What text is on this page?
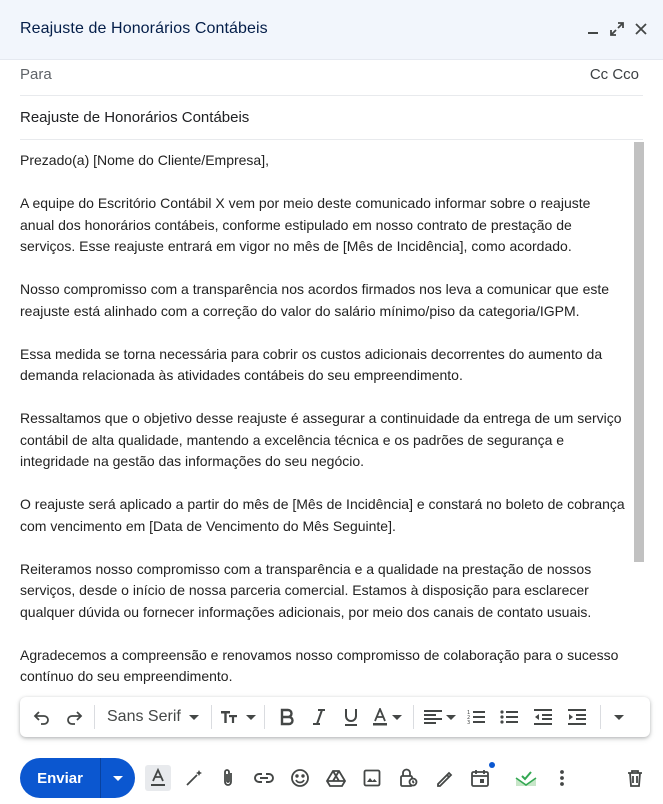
Reajuste de Honorários Contábeis
Para	Cc Cco
Reajuste de Honorários Contábeis

Prezado(a) [Nome do Cliente/Empresa],

A equipe do Escritório Contábil X vem por meio deste comunicado informar sobre o reajuste anual dos honorários contábeis, conforme estipulado em nosso contrato de prestação de serviços. Esse reajuste entrará em vigor no mês de [Mês de Incidência], como acordado.

Nosso compromisso com a transparência nos acordos firmados nos leva a comunicar que este reajuste está alinhado com a correção do valor do salário mínimo/piso da categoria/IGPM.

Essa medida se torna necessária para cobrir os custos adicionais decorrentes do aumento da demanda relacionada às atividades contábeis do seu empreendimento.

Ressaltamos que o objetivo desse reajuste é assegurar a continuidade da entrega de um serviço contábil de alta qualidade, mantendo a excelência técnica e os padrões de segurança e integridade na gestão das informações do seu negócio.

O reajuste será aplicado a partir do mês de [Mês de Incidência] e constará no boleto de cobrança com vencimento em [Data de Vencimento do Mês Seguinte].

Reiteramos nosso compromisso com a transparência e a qualidade na prestação de nossos serviços, desde o início de nossa parceria comercial. Estamos à disposição para esclarecer qualquer dúvida ou fornecer informações adicionais, por meio dos canais de contato usuais.

Agradecemos a compreensão e renovamos nosso compromisso de colaboração para o sucesso contínuo do seu empreendimento.

Sans Serif	1
2
3
Enviar
